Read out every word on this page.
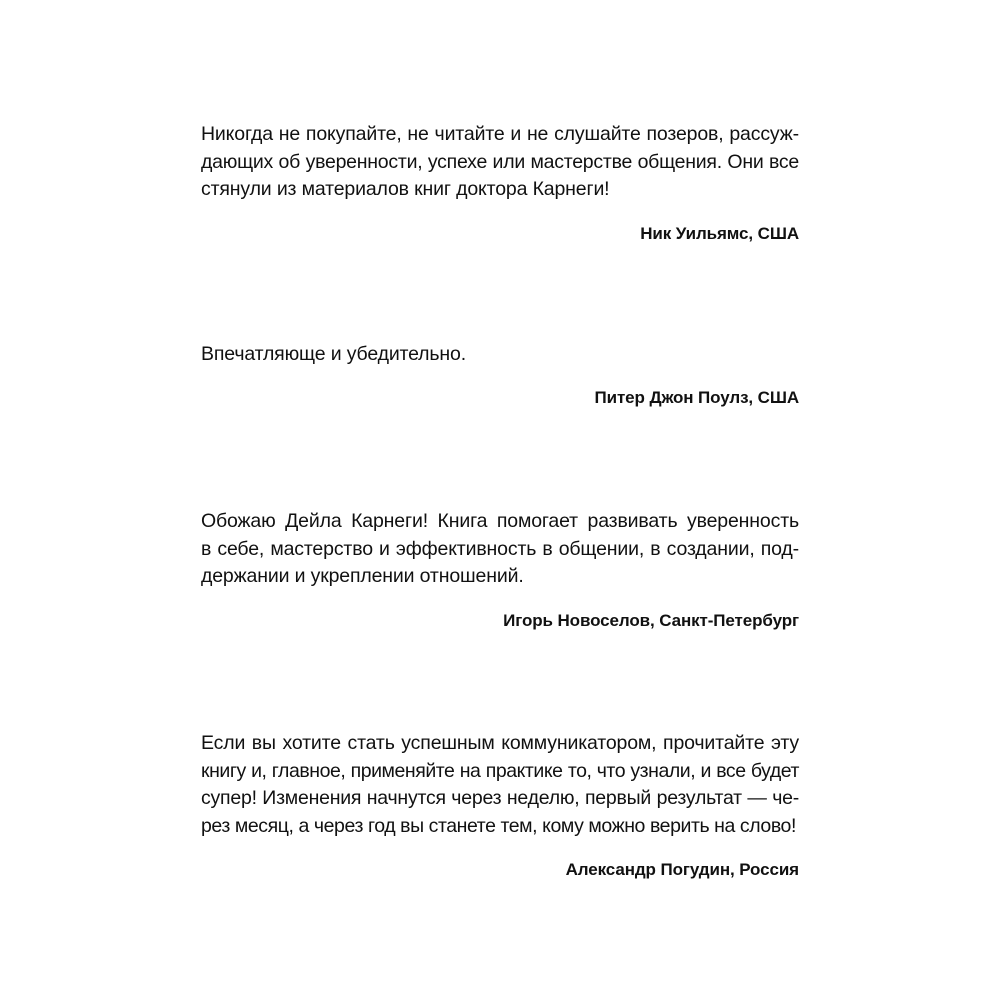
Никогда не покупайте, не читайте и не слушайте позеров, рассуж-
дающих об уверенности, успехе или мастерстве общения. Они все
стянули из материалов книг доктора Карнеги!

Ник Уильямс, США

Впечатляюще и убедительно.

Питер Джон Поулз, США

Обожаю Дейла Карнеги! Книга помогает развивать уверенность
в себе, мастерство и эффективность в общении, в создании, под-
держании и укреплении отношений.

Игорь Новоселов, Санкт-Петербург

Если вы хотите стать успешным коммуникатором, прочитайте эту
книгу и, главное, применяйте на практике то, что узнали, и все будет
супер! Изменения начнутся через неделю, первый результат — че-
рез месяц, а через год вы станете тем, кому можно верить на слово!

Александр Погудин, Россия
